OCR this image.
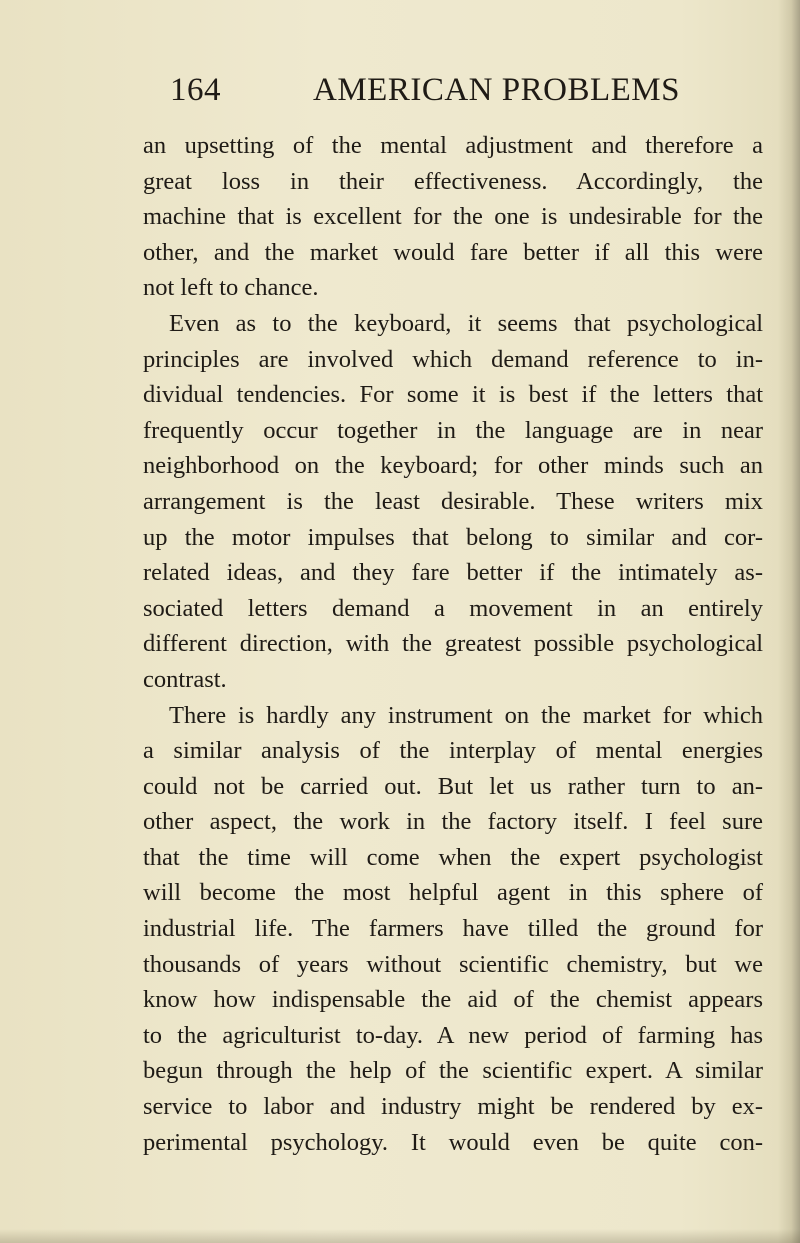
164	AMERICAN PROBLEMS
an upsetting of the mental adjustment and therefore a
great loss in their effectiveness. Accordingly, the
machine that is excellent for the one is undesirable for the
other, and the market would fare better if all this were
not left to chance.
Even as to the keyboard, it seems that psychological
principles are involved which demand reference to in-
dividual tendencies. For some it is best if the letters that
frequently occur together in the language are in near
neighborhood on the keyboard; for other minds such an
arrangement is the least desirable. These writers mix
up the motor impulses that belong to similar and cor-
related ideas, and they fare better if the intimately as-
sociated letters demand a movement in an entirely
different direction, with the greatest possible psychological
contrast.
There is hardly any instrument on the market for which
a similar analysis of the interplay of mental energies
could not be carried out. But let us rather turn to an-
other aspect, the work in the factory itself. I feel sure
that the time will come when the expert psychologist
will become the most helpful agent in this sphere of
industrial life. The farmers have tilled the ground for
thousands of years without scientific chemistry, but we
know how indispensable the aid of the chemist appears
to the agriculturist to-day. A new period of farming has
begun through the help of the scientific expert. A similar
service to labor and industry might be rendered by ex-
perimental psychology. It would even be quite con-
